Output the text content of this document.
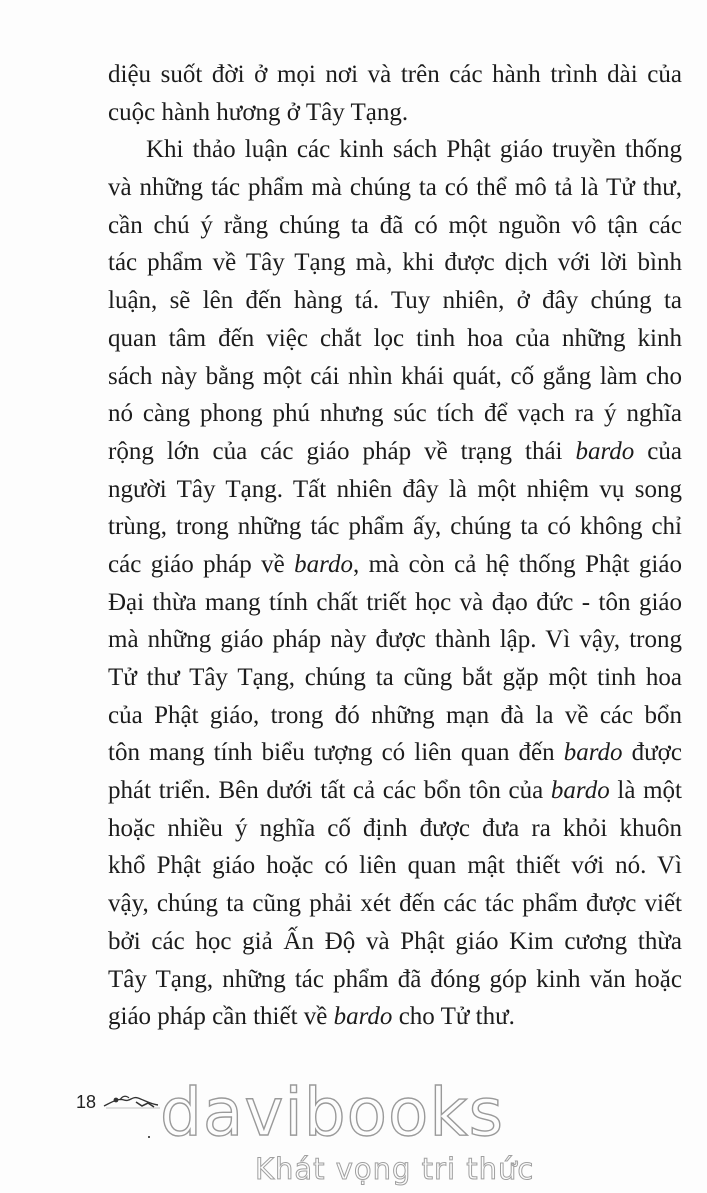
diệu suốt đời ở mọi nơi và trên các hành trình dài của
cuộc hành hương ở Tây Tạng.
Khi thảo luận các kinh sách Phật giáo truyền thống
và những tác phẩm mà chúng ta có thể mô tả là Tử thư,
cần chú ý rằng chúng ta đã có một nguồn vô tận các
tác phẩm về Tây Tạng mà, khi được dịch với lời bình
luận, sẽ lên đến hàng tá. Tuy nhiên, ở đây chúng ta
quan tâm đến việc chắt lọc tinh hoa của những kinh
sách này bằng một cái nhìn khái quát, cố gắng làm cho
nó càng phong phú nhưng súc tích để vạch ra ý nghĩa
rộng lớn của các giáo pháp về trạng thái bardo của
người Tây Tạng. Tất nhiên đây là một nhiệm vụ song
trùng, trong những tác phẩm ấy, chúng ta có không chỉ
các giáo pháp về bardo, mà còn cả hệ thống Phật giáo
Đại thừa mang tính chất triết học và đạo đức - tôn giáo
mà những giáo pháp này được thành lập. Vì vậy, trong
Tử thư Tây Tạng, chúng ta cũng bắt gặp một tinh hoa
của Phật giáo, trong đó những mạn đà la về các bổn
tôn mang tính biểu tượng có liên quan đến bardo được
phát triển. Bên dưới tất cả các bổn tôn của bardo là một
hoặc nhiều ý nghĩa cố định được đưa ra khỏi khuôn
khổ Phật giáo hoặc có liên quan mật thiết với nó. Vì
vậy, chúng ta cũng phải xét đến các tác phẩm được viết
bởi các học giả Ấn Độ và Phật giáo Kim cương thừa
Tây Tạng, những tác phẩm đã đóng góp kinh văn hoặc
giáo pháp cần thiết về bardo cho Tử thư.
18 davibooks
Khát vọng tri thức
